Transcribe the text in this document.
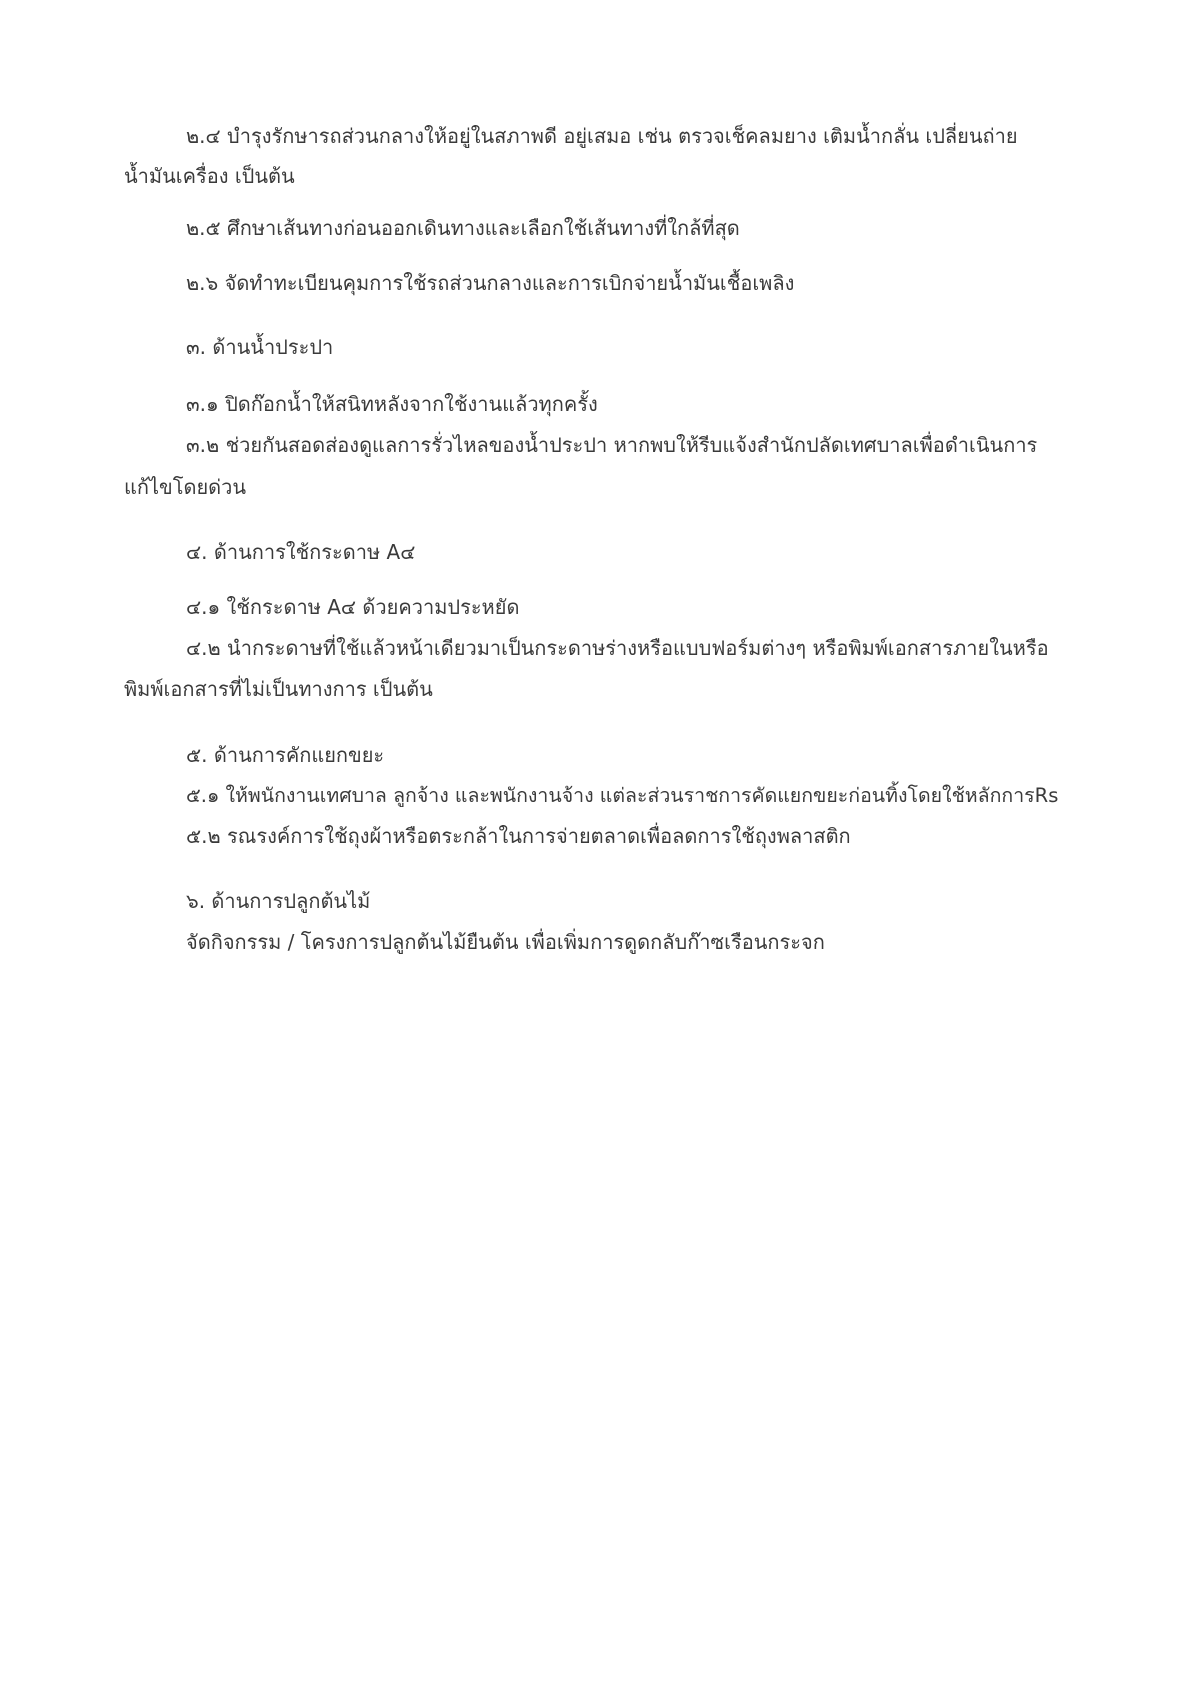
๒.๔ บำรุงรักษารถส่วนกลางให้อยู่ในสภาพดี อยู่เสมอ เช่น ตรวจเช็คลมยาง เติมน้ำกลั่น เปลี่ยนถ่าย

น้ำมันเครื่อง เป็นต้น

๒.๕ ศึกษาเส้นทางก่อนออกเดินทางและเลือกใช้เส้นทางที่ใกล้ที่สุด

๒.๖ จัดทำทะเบียนคุมการใช้รถส่วนกลางและการเบิกจ่ายน้ำมันเชื้อเพลิง

๓. ด้านน้ำประปา

๓.๑ ปิดก๊อกน้ำให้สนิทหลังจากใช้งานแล้วทุกครั้ง

๓.๒ ช่วยกันสอดส่องดูแลการรั่วไหลของน้ำประปา หากพบให้รีบแจ้งสำนักปลัดเทศบาลเพื่อดำเนินการ

แก้ไขโดยด่วน

๔. ด้านการใช้กระดาษ A๔

๔.๑ ใช้กระดาษ A๔ ด้วยความประหยัด

๔.๒ นำกระดาษที่ใช้แล้วหน้าเดียวมาเป็นกระดาษร่างหรือแบบฟอร์มต่างๆ หรือพิมพ์เอกสารภายในหรือ

พิมพ์เอกสารที่ไม่เป็นทางการ เป็นต้น

๕. ด้านการคักแยกขยะ

๕.๑ ให้พนักงานเทศบาล ลูกจ้าง และพนักงานจ้าง แต่ละส่วนราชการคัดแยกขยะก่อนทิ้งโดยใช้หลักการRs

๕.๒ รณรงค์การใช้ถุงผ้าหรือตระกล้าในการจ่ายตลาดเพื่อลดการใช้ถุงพลาสติก

๖. ด้านการปลูกต้นไม้

จัดกิจกรรม / โครงการปลูกต้นไม้ยืนต้น เพื่อเพิ่มการดูดกลับก๊าซเรือนกระจก
